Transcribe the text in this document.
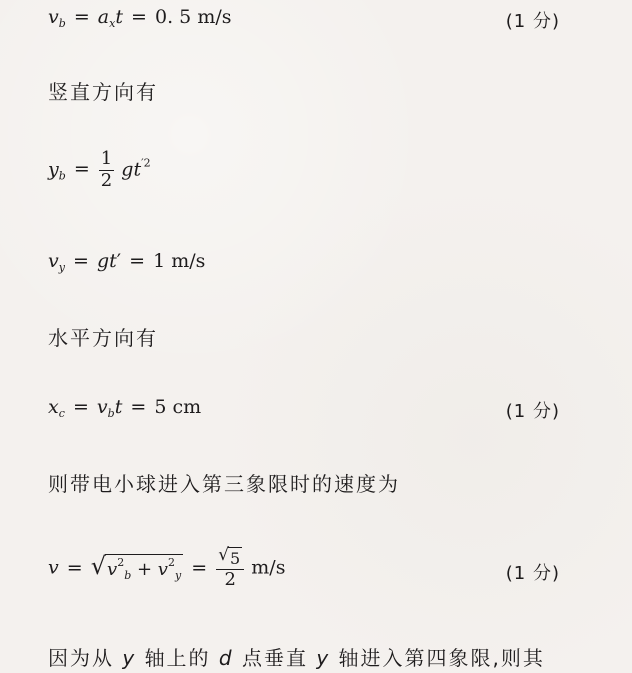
$v_b = a_xt = 0$. 5 m/s	(1 分)
竖直方向有
$y_b = \frac{1}{2} gt^{'2}$
$v_y = gt' = 1$ m/s
水平方向有
$x_c = v_bt = 5$ cm	(1 分)
则带电小球进入第三象限时的速度为
v = √ $v^2_b + v^2_y = \frac{√ 5}{2} m/s$	(1 分)
因为从 y 轴上的 d 点垂直 y 轴进入第四象限,则其
